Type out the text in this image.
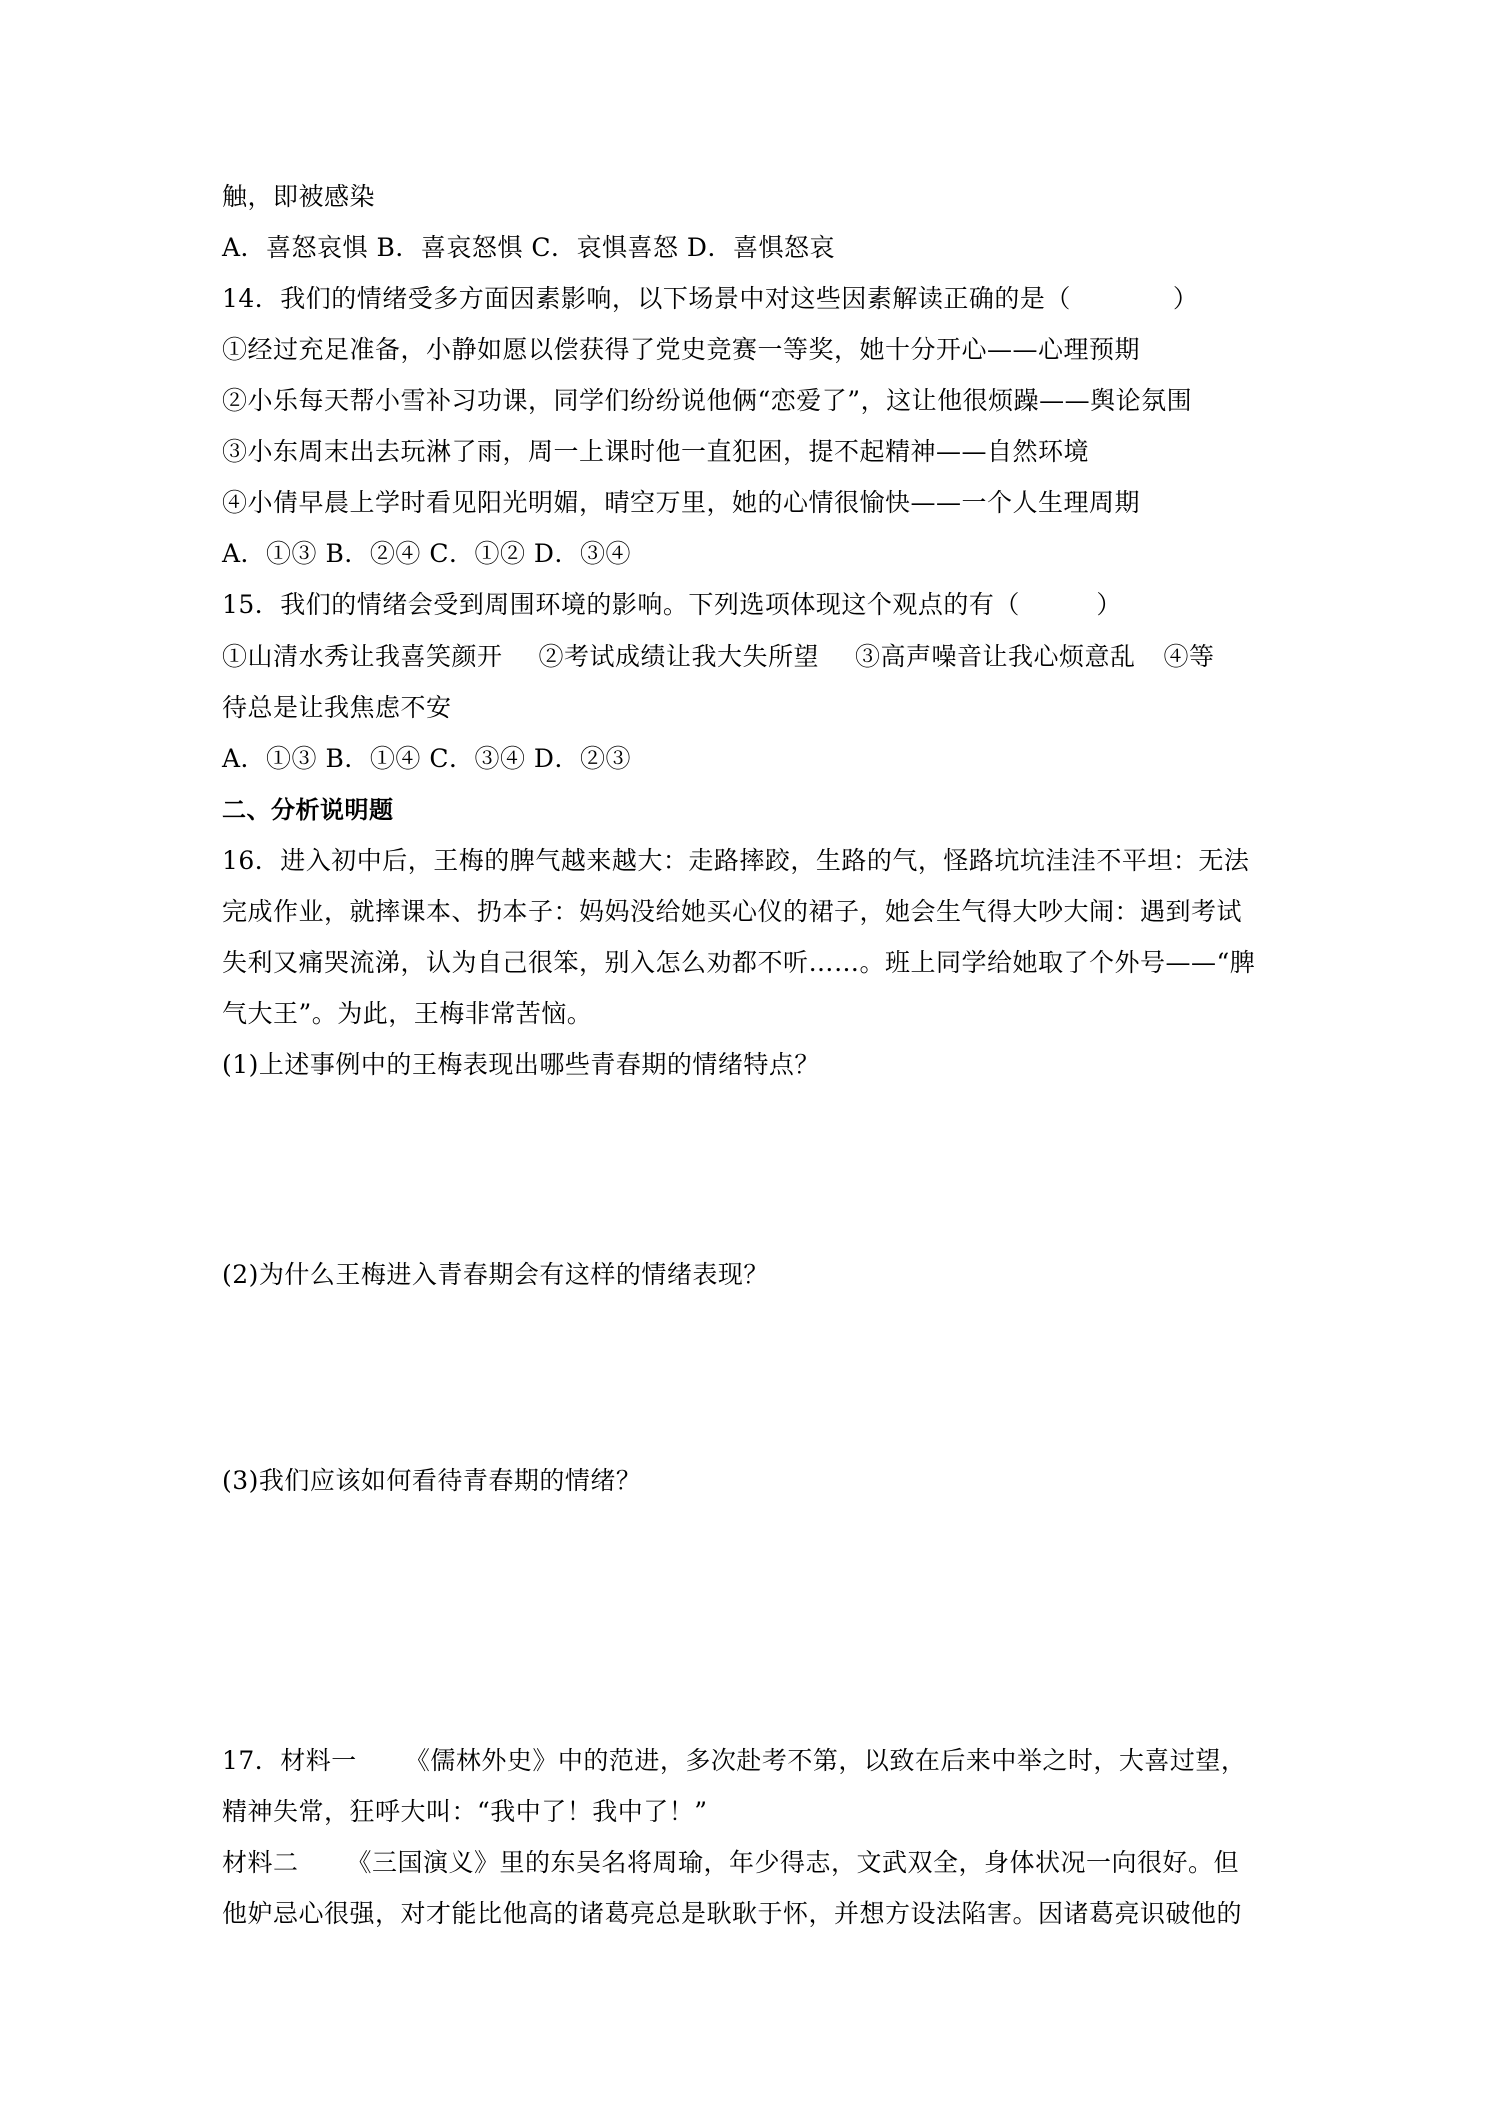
触，即被感染
A．喜怒哀惧 B．喜哀怒惧 C．哀惧喜怒 D．喜惧怒哀
14．我们的情绪受多方面因素影响，以下场景中对这些因素解读正确的是（　　　　）
①经过充足准备，小静如愿以偿获得了党史竞赛一等奖，她十分开心——心理预期
②小乐每天帮小雪补习功课，同学们纷纷说他俩“恋爱了”，这让他很烦躁——舆论氛围
③小东周末出去玩淋了雨，周一上课时他一直犯困，提不起精神——自然环境
④小倩早晨上学时看见阳光明媚，晴空万里，她的心情很愉快——一个人生理周期
A．①③ B．②④ C．①② D．③④
15．我们的情绪会受到周围环境的影响。下列选项体现这个观点的有（　　　）
①山清水秀让我喜笑颜开 ②考试成绩让我大失所望 ③高声噪音让我心烦意乱 ④等
待总是让我焦虑不安
A．①③ B．①④ C．③④ D．②③
二、分析说明题
16．进入初中后，王梅的脾气越来越大：走路摔跤，生路的气，怪路坑坑洼洼不平坦：无法
完成作业，就摔课本、扔本子：妈妈没给她买心仪的裙子，她会生气得大吵大闹：遇到考试
失利又痛哭流涕，认为自己很笨，别入怎么劝都不听……。班上同学给她取了个外号——“脾
气大王”。为此，王梅非常苦恼。
(1)上述事例中的王梅表现出哪些青春期的情绪特点？
(2)为什么王梅进入青春期会有这样的情绪表现？
(3)我们应该如何看待青春期的情绪？
17．材料一 《儒林外史》中的范进，多次赴考不第，以致在后来中举之时，大喜过望，
精神失常，狂呼大叫：“我中了！我中了！”
材料二 《三国演义》里的东吴名将周瑜，年少得志，文武双全，身体状况一向很好。但
他妒忌心很强，对才能比他高的诸葛亮总是耿耿于怀，并想方设法陷害。因诸葛亮识破他的
